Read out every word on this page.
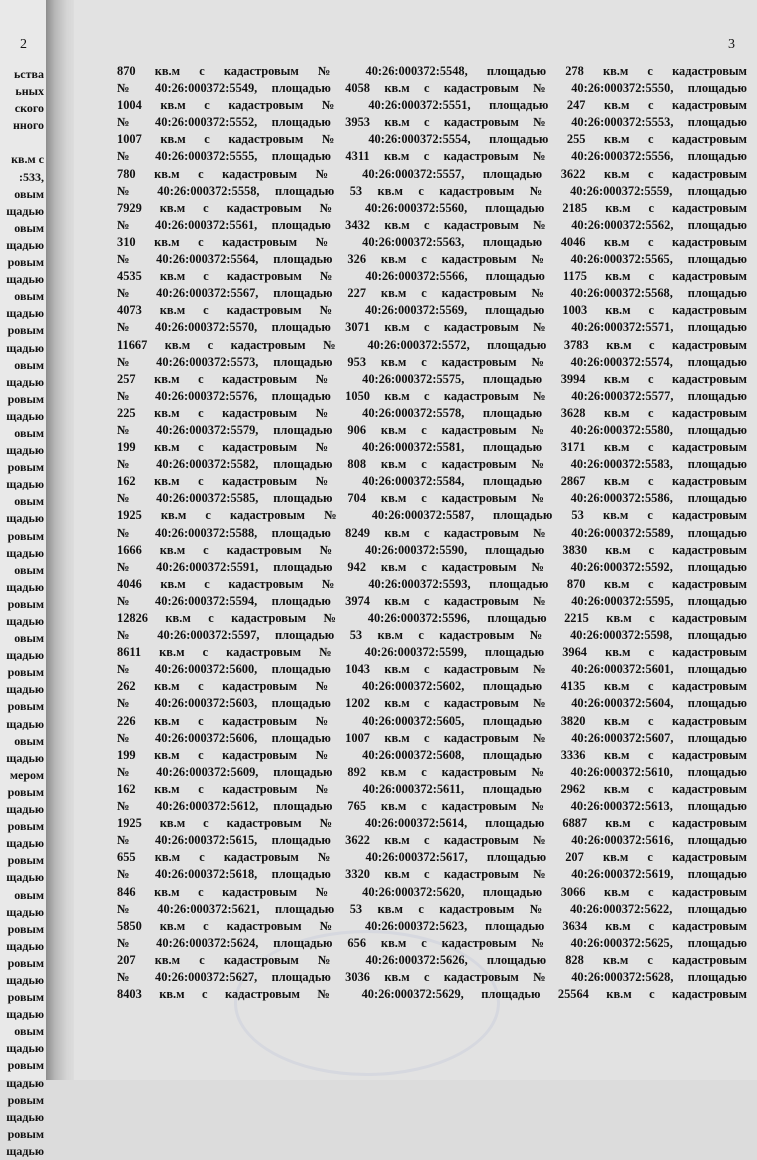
2
ьства
ьных
ского
нного

кв.м с
:533,
овым
щадью
овым
щадью
ровым
щадью
овым
щадью
ровым
щадью
овым
щадью
ровым
щадью
овым
щадью
ровым
щадью
овым
щадью
ровым
щадью
овым
щадью
ровым
щадью
овым
щадью
ровым
щадью
ровым
щадью
овым
щадью
мером
ровым
щадью
ровым
щадью
ровым
щадью
овым
щадью
ровым
щадью
ровым
щадью
ровым
щадью
овым
щадью
ровым
щадью
ровым
щадью
ровым
щадью
3
870 кв.м с кадастровым № 40:26:000372:5548, площадью 278 кв.м с кадастровым
№ 40:26:000372:5549, площадью 4058 кв.м с кадастровым № 40:26:000372:5550, площадью
1004 кв.м с кадастровым № 40:26:000372:5551, площадью 247 кв.м с кадастровым
№ 40:26:000372:5552, площадью 3953 кв.м с кадастровым № 40:26:000372:5553, площадью
1007 кв.м с кадастровым № 40:26:000372:5554, площадью 255 кв.м с кадастровым
№ 40:26:000372:5555, площадью 4311 кв.м с кадастровым № 40:26:000372:5556, площадью
780 кв.м с кадастровым № 40:26:000372:5557, площадью 3622 кв.м с кадастровым
№ 40:26:000372:5558, площадью 53 кв.м с кадастровым № 40:26:000372:5559, площадью
7929 кв.м с кадастровым № 40:26:000372:5560, площадью 2185 кв.м с кадастровым
№ 40:26:000372:5561, площадью 3432 кв.м с кадастровым № 40:26:000372:5562, площадью
310 кв.м с кадастровым № 40:26:000372:5563, площадью 4046 кв.м с кадастровым
№ 40:26:000372:5564, площадью 326 кв.м с кадастровым № 40:26:000372:5565, площадью
4535 кв.м с кадастровым № 40:26:000372:5566, площадью 1175 кв.м с кадастровым
№ 40:26:000372:5567, площадью 227 кв.м с кадастровым № 40:26:000372:5568, площадью
4073 кв.м с кадастровым № 40:26:000372:5569, площадью 1003 кв.м с кадастровым
№ 40:26:000372:5570, площадью 3071 кв.м с кадастровым № 40:26:000372:5571, площадью
11667 кв.м с кадастровым № 40:26:000372:5572, площадью 3783 кв.м с кадастровым
№ 40:26:000372:5573, площадью 953 кв.м с кадастровым № 40:26:000372:5574, площадью
257 кв.м с кадастровым № 40:26:000372:5575, площадью 3994 кв.м с кадастровым
№ 40:26:000372:5576, площадью 1050 кв.м с кадастровым № 40:26:000372:5577, площадью
225 кв.м с кадастровым № 40:26:000372:5578, площадью 3628 кв.м с кадастровым
№ 40:26:000372:5579, площадью 906 кв.м с кадастровым № 40:26:000372:5580, площадью
199 кв.м с кадастровым № 40:26:000372:5581, площадью 3171 кв.м с кадастровым
№ 40:26:000372:5582, площадью 808 кв.м с кадастровым № 40:26:000372:5583, площадью
162 кв.м с кадастровым № 40:26:000372:5584, площадью 2867 кв.м с кадастровым
№ 40:26:000372:5585, площадью 704 кв.м с кадастровым № 40:26:000372:5586, площадью
1925 кв.м с кадастровым № 40:26:000372:5587, площадью 53 кв.м с кадастровым
№ 40:26:000372:5588, площадью 8249 кв.м с кадастровым № 40:26:000372:5589, площадью
1666 кв.м с кадастровым № 40:26:000372:5590, площадью 3830 кв.м с кадастровым
№ 40:26:000372:5591, площадью 942 кв.м с кадастровым № 40:26:000372:5592, площадью
4046 кв.м с кадастровым № 40:26:000372:5593, площадью 870 кв.м с кадастровым
№ 40:26:000372:5594, площадью 3974 кв.м с кадастровым № 40:26:000372:5595, площадью
12826 кв.м с кадастровым № 40:26:000372:5596, площадью 2215 кв.м с кадастровым
№ 40:26:000372:5597, площадью 53 кв.м с кадастровым № 40:26:000372:5598, площадью
8611 кв.м с кадастровым № 40:26:000372:5599, площадью 3964 кв.м с кадастровым
№ 40:26:000372:5600, площадью 1043 кв.м с кадастровым № 40:26:000372:5601, площадью
262 кв.м с кадастровым № 40:26:000372:5602, площадью 4135 кв.м с кадастровым
№ 40:26:000372:5603, площадью 1202 кв.м с кадастровым № 40:26:000372:5604, площадью
226 кв.м с кадастровым № 40:26:000372:5605, площадью 3820 кв.м с кадастровым
№ 40:26:000372:5606, площадью 1007 кв.м с кадастровым № 40:26:000372:5607, площадью
199 кв.м с кадастровым № 40:26:000372:5608, площадью 3336 кв.м с кадастровым
№ 40:26:000372:5609, площадью 892 кв.м с кадастровым № 40:26:000372:5610, площадью
162 кв.м с кадастровым № 40:26:000372:5611, площадью 2962 кв.м с кадастровым
№ 40:26:000372:5612, площадью 765 кв.м с кадастровым № 40:26:000372:5613, площадью
1925 кв.м с кадастровым № 40:26:000372:5614, площадью 6887 кв.м с кадастровым
№ 40:26:000372:5615, площадью 3622 кв.м с кадастровым № 40:26:000372:5616, площадью
655 кв.м с кадастровым № 40:26:000372:5617, площадью 207 кв.м с кадастровым
№ 40:26:000372:5618, площадью 3320 кв.м с кадастровым № 40:26:000372:5619, площадью
846 кв.м с кадастровым № 40:26:000372:5620, площадью 3066 кв.м с кадастровым
№ 40:26:000372:5621, площадью 53 кв.м с кадастровым № 40:26:000372:5622, площадью
5850 кв.м с кадастровым № 40:26:000372:5623, площадью 3634 кв.м с кадастровым
№ 40:26:000372:5624, площадью 656 кв.м с кадастровым № 40:26:000372:5625, площадью
207 кв.м с кадастровым № 40:26:000372:5626, площадью 828 кв.м с кадастровым
№ 40:26:000372:5627, площадью 3036 кв.м с кадастровым № 40:26:000372:5628, площадью
8403 кв.м с кадастровым № 40:26:000372:5629, площадью 25564 кв.м с кадастровым
